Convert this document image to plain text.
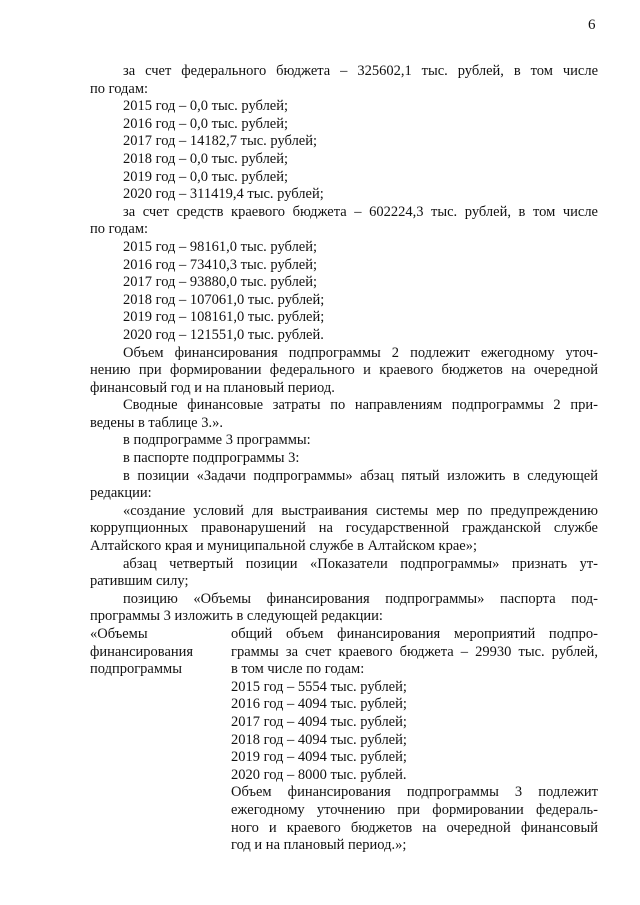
6
за счет федерального бюджета – 325602,1 тыс. рублей, в том числе
по годам:
2015 год – 0,0 тыс. рублей;
2016 год – 0,0 тыс. рублей;
2017 год – 14182,7 тыс. рублей;
2018 год – 0,0 тыс. рублей;
2019 год – 0,0 тыс. рублей;
2020 год – 311419,4 тыс. рублей;
за счет средств краевого бюджета – 602224,3 тыс. рублей, в том числе
по годам:
2015 год – 98161,0 тыс. рублей;
2016 год – 73410,3 тыс. рублей;
2017 год – 93880,0 тыс. рублей;
2018 год – 107061,0 тыс. рублей;
2019 год – 108161,0 тыс. рублей;
2020 год – 121551,0 тыс. рублей.
Объем финансирования подпрограммы 2 подлежит ежегодному уточ-
нению при формировании федерального и краевого бюджетов на очередной
финансовый год и на плановый период.
Сводные финансовые затраты по направлениям подпрограммы 2 при-
ведены в таблице 3.».
в подпрограмме 3 программы:
в паспорте подпрограммы 3:
в позиции «Задачи подпрограммы» абзац пятый изложить в следующей
редакции:
«создание условий для выстраивания системы мер по предупреждению
коррупционных правонарушений на государственной гражданской службе
Алтайского края и муниципальной службе в Алтайском крае»;
абзац четвертый позиции «Показатели подпрограммы» признать ут-
ратившим силу;
позицию «Объемы финансирования подпрограммы» паспорта под-
программы 3 изложить в следующей редакции:
«Объемы
финансирования
подпрограммы
общий объем финансирования мероприятий подпро-
граммы за счет краевого бюджета – 29930 тыс. рублей,
в том числе по годам:
2015 год – 5554 тыс. рублей;
2016 год – 4094 тыс. рублей;
2017 год – 4094 тыс. рублей;
2018 год – 4094 тыс. рублей;
2019 год – 4094 тыс. рублей;
2020 год – 8000 тыс. рублей.
Объем финансирования подпрограммы 3 подлежит
ежегодному уточнению при формировании федераль-
ного и краевого бюджетов на очередной финансовый
год и на плановый период.»;
